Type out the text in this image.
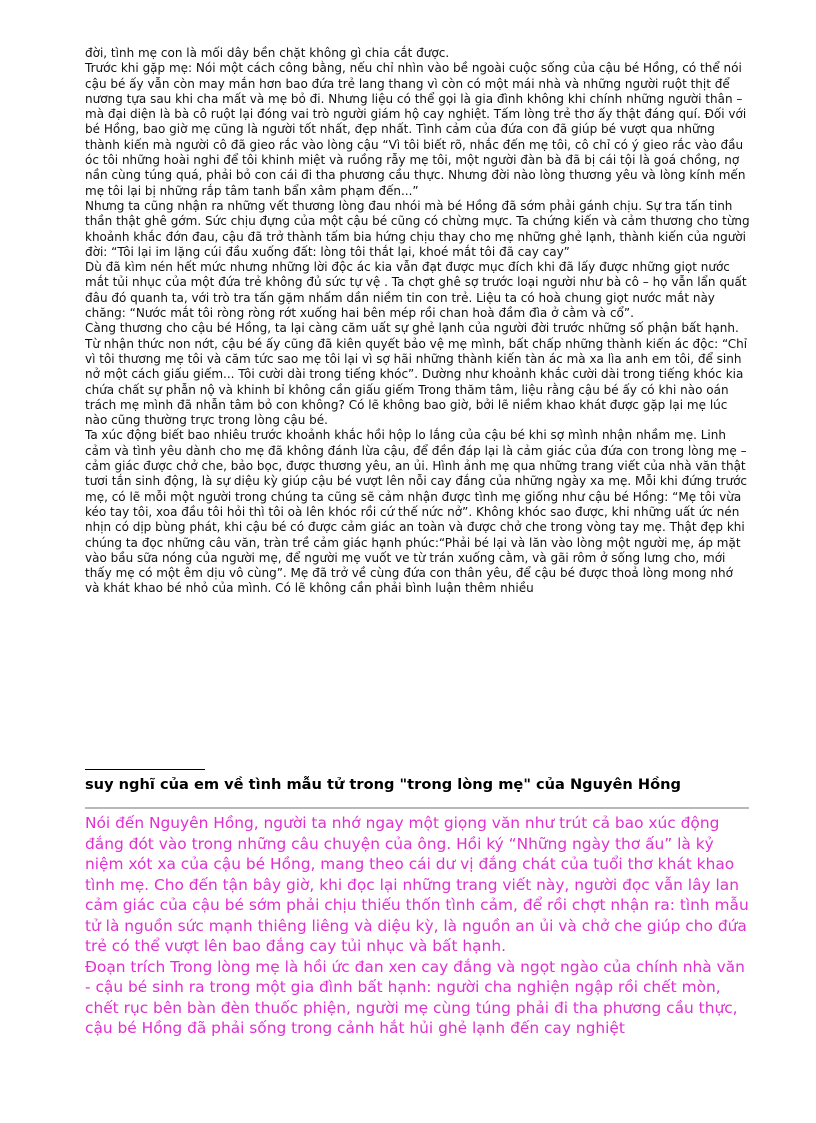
đời, tình mẹ con là mối dây bền chặt không gì chia cắt được.

Trước khi gặp mẹ: Nói một cách công bằng, nếu chỉ nhìn vào bề ngoài cuộc sống của cậu bé Hồng, có thể nói cậu bé ấy vẫn còn may mắn hơn bao đứa trẻ lang thang vì còn có một mái nhà và những người ruột thịt để nương tựa sau khi cha mất và mẹ bỏ đi. Nhưng liệu có thể gọi là gia đình không khi chính những người thân – mà đại diện là bà cô ruột lại đóng vai trò người giám hộ cay nghiệt. Tấm lòng trẻ thơ ấy thật đáng quí. Đối với bé Hồng, bao giờ mẹ cũng là người tốt nhất, đẹp nhất. Tình cảm của đứa con đã giúp bé vượt qua những thành kiến mà người cô đã gieo rắc vào lòng cậu “Vì tôi biết rõ, nhắc đến mẹ tôi, cô chỉ có ý gieo rắc vào đầu óc tôi những hoài nghi để tôi khinh miệt và ruồng rẫy mẹ tôi, một người đàn bà đã bị cái tội là goá chồng, nợ nần cùng túng quá, phải bỏ con cái đi tha phương cầu thực. Nhưng đời nào lòng thương yêu và lòng kính mến mẹ tôi lại bị những rắp tâm tanh bẩn xâm phạm đến...”

Nhưng ta cũng nhận ra những vết thương lòng đau nhói mà bé Hồng đã sớm phải gánh chịu. Sự tra tấn tinh thần thật ghê gớm. Sức chịu đựng của một cậu bé cũng có chừng mực. Ta chứng kiến và cảm thương cho từng khoảnh khắc đớn đau, cậu đã trở thành tấm bia hứng chịu thay cho mẹ những ghẻ lạnh, thành kiến của người đời: “Tôi lại im lặng cúi đầu xuống đất: lòng tôi thắt lại, khoé mắt tôi đã cay cay”

Dù đã kìm nén hết mức nhưng những lời độc ác kia vẫn đạt được mục đích khi đã lấy được những giọt nước mắt tủi nhục của một đứa trẻ không đủ sức tự vệ . Ta chợt ghê sợ trước loại người như bà cô – họ vẫn lẩn quất đâu đó quanh ta, với trò tra tấn gặm nhấm dần niềm tin con trẻ. Liệu ta có hoà chung giọt nước mắt này chăng: “Nước mắt tôi ròng ròng rớt xuống hai bên mép rồi chan hoà đầm đìa ở cằm và cổ”.

Càng thương cho cậu bé Hồng, ta lại càng căm uất sự ghẻ lạnh của người đời trước những số phận bất hạnh. Từ nhận thức non nớt, cậu bé ấy cũng đã kiên quyết bảo vệ mẹ mình, bất chấp những thành kiến ác độc: “Chỉ vì tôi thương mẹ tôi và căm tức sao mẹ tôi lại vì sợ hãi những thành kiến tàn ác mà xa lìa anh em tôi, để sinh nở một cách giấu giếm... Tôi cười dài trong tiếng khóc”. Dường như khoảnh khắc cười dài trong tiếng khóc kia chứa chất sự phẫn nộ và khinh bỉ không cần giấu giếm Trong thăm tâm, liệu rằng cậu bé ấy có khi nào oán trách mẹ mình đã nhẫn tâm bỏ con không? Có lẽ không bao giờ, bởi lẽ niềm khao khát được gặp lại mẹ lúc nào cũng thường trực trong lòng cậu bé.

Ta xúc động biết bao nhiêu trước khoảnh khắc hồi hộp lo lắng của cậu bé khi sợ mình nhận nhầm mẹ. Linh cảm và tình yêu dành cho mẹ đã không đánh lừa cậu, để đền đáp lại là cảm giác của đứa con trong lòng mẹ – cảm giác được chở che, bảo bọc, được thương yêu, an ủi. Hình ảnh mẹ qua những trang viết của nhà văn thật tươi tắn sinh động, là sự diệu kỳ giúp cậu bé vượt lên nỗi cay đắng của những ngày xa mẹ. Mỗi khi đứng trước mẹ, có lẽ mỗi một người trong chúng ta cũng sẽ cảm nhận được tình mẹ giống như cậu bé Hồng: “Mẹ tôi vừa kéo tay tôi, xoa đầu tôi hỏi thì tôi oà lên khóc rồi cứ thế nức nở”. Không khóc sao được, khi những uất ức nén nhịn có dịp bùng phát, khi cậu bé có được cảm giác an toàn và được chở che trong vòng tay mẹ. Thật đẹp khi chúng ta đọc những câu văn, tràn trề cảm giác hạnh phúc:“Phải bé lại và lăn vào lòng một người mẹ, áp mặt vào bầu sữa nóng của người mẹ, để người mẹ vuốt ve từ trán xuống cằm, và gãi rôm ở sống lưng cho, mới thấy mẹ có một êm dịu vô cùng”. Mẹ đã trở về cùng đứa con thân yêu, để cậu bé được thoả lòng mong nhớ và khát khao bé nhỏ của mình. Có lẽ không cần phải bình luận thêm nhiều

suy nghĩ của em về tình mẫu tử trong "trong lòng mẹ" của Nguyên Hồng

Nói đến Nguyên Hồng, người ta nhớ ngay một giọng văn như trút cả bao xúc động đắng đót vào trong những câu chuyện của ông. Hồi ký “Những ngày thơ ấu” là kỷ niệm xót xa của cậu bé Hồng, mang theo cái dư vị đắng chát của tuổi thơ khát khao tình mẹ. Cho đến tận bây giờ, khi đọc lại những trang viết này, người đọc vẫn lây lan cảm giác của cậu bé sớm phải chịu thiếu thốn tình cảm, để rồi chợt nhận ra: tình mẫu tử là nguồn sức mạnh thiêng liêng và diệu kỳ, là nguồn an ủi và chở che giúp cho đứa trẻ có thể vượt lên bao đắng cay tủi nhục và bất hạnh.

Đoạn trích Trong lòng mẹ là hồi ức đan xen cay đắng và ngọt ngào của chính nhà văn - cậu bé sinh ra trong một gia đình bất hạnh: người cha nghiện ngập rồi chết mòn, chết rục bên bàn đèn thuốc phiện, người mẹ cùng túng phải đi tha phương cầu thực, cậu bé Hồng đã phải sống trong cảnh hắt hủi ghẻ lạnh đến cay nghiệt
